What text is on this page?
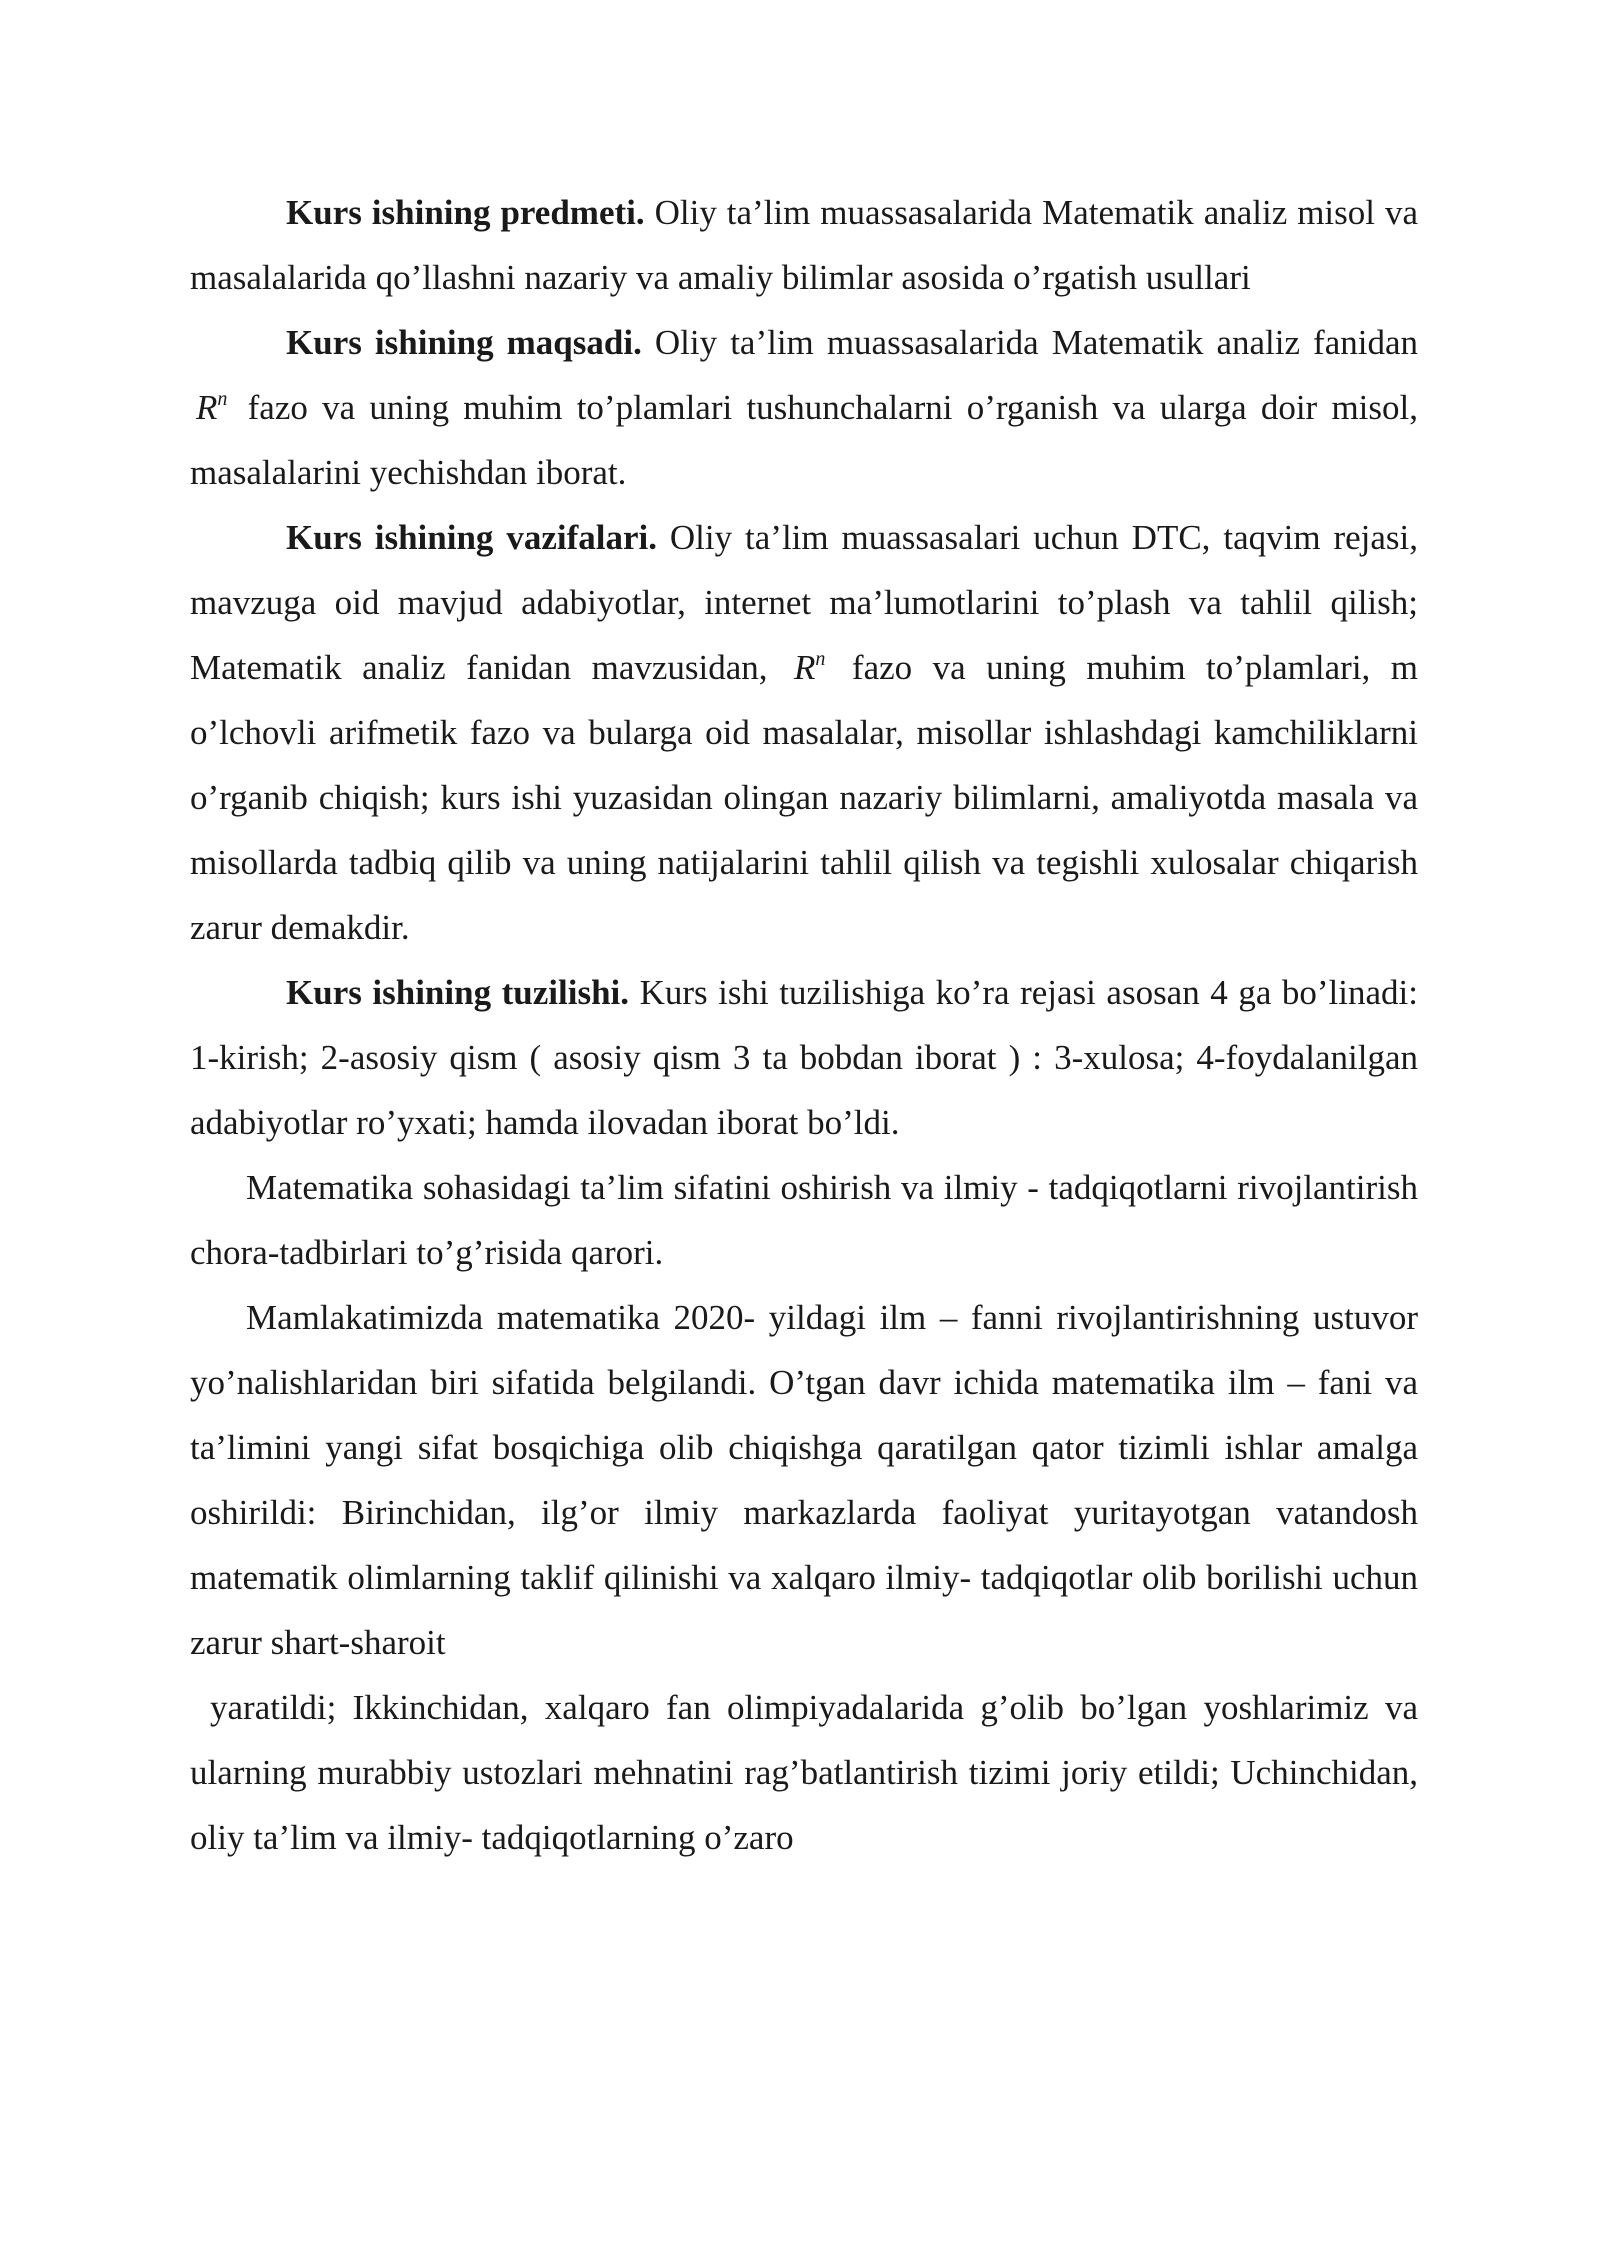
Kurs ishining predmeti. Oliy ta’lim muassasalarida Matematik analiz misol va masalalarida qo’llashni nazariy va amaliy bilimlar asosida o’rgatish usullari

Kurs ishining maqsadi. Oliy ta’lim muassasalarida Matematik analiz fanidan $R^n$ fazo va uning muhim to’plamlari tushunchalarni o’rganish va ularga doir misol, masalalarini yechishdan iborat.

Kurs ishining vazifalari. Oliy ta’lim muassasalari uchun DTC, taqvim rejasi, mavzuga oid mavjud adabiyotlar, internet ma’lumotlarini to’plash va tahlil qilish; Matematik analiz fanidan mavzusidan, $R^n$ fazo va uning muhim to’plamlari, m o’lchovli arifmetik fazo va bularga oid masalalar, misollar ishlashdagi kamchiliklarni o’rganib chiqish; kurs ishi yuzasidan olingan nazariy bilimlarni, amaliyotda masala va misollarda tadbiq qilib va uning natijalarini tahlil qilish va tegishli xulosalar chiqarish zarur demakdir.

Kurs ishining tuzilishi. Kurs ishi tuzilishiga ko’ra rejasi asosan 4 ga bo’linadi: 1-kirish; 2-asosiy qism ( asosiy qism 3 ta bobdan iborat ) : 3-xulosa; 4-foydalanilgan adabiyotlar ro’yxati; hamda ilovadan iborat bo’ldi.

Matematika sohasidagi ta’lim sifatini oshirish va ilmiy - tadqiqotlarni rivojlantirish chora-tadbirlari to’g’risida qarori.

Mamlakatimizda matematika 2020- yildagi ilm – fanni rivojlantirishning ustuvor yo’nalishlaridan biri sifatida belgilandi. O’tgan davr ichida matematika ilm – fani va ta’limini yangi sifat bosqichiga olib chiqishga qaratilgan qator tizimli ishlar amalga oshirildi: Birinchidan, ilg’or ilmiy markazlarda faoliyat yuritayotgan vatandosh matematik olimlarning taklif qilinishi va xalqaro ilmiy- tadqiqotlar olib borilishi uchun zarur shart-sharoit

yaratildi; Ikkinchidan, xalqaro fan olimpiyadalarida g’olib bo’lgan yoshlarimiz va ularning murabbiy ustozlari mehnatini rag’batlantirish tizimi joriy etildi; Uchinchidan, oliy ta’lim va ilmiy- tadqiqotlarning o’zaro
